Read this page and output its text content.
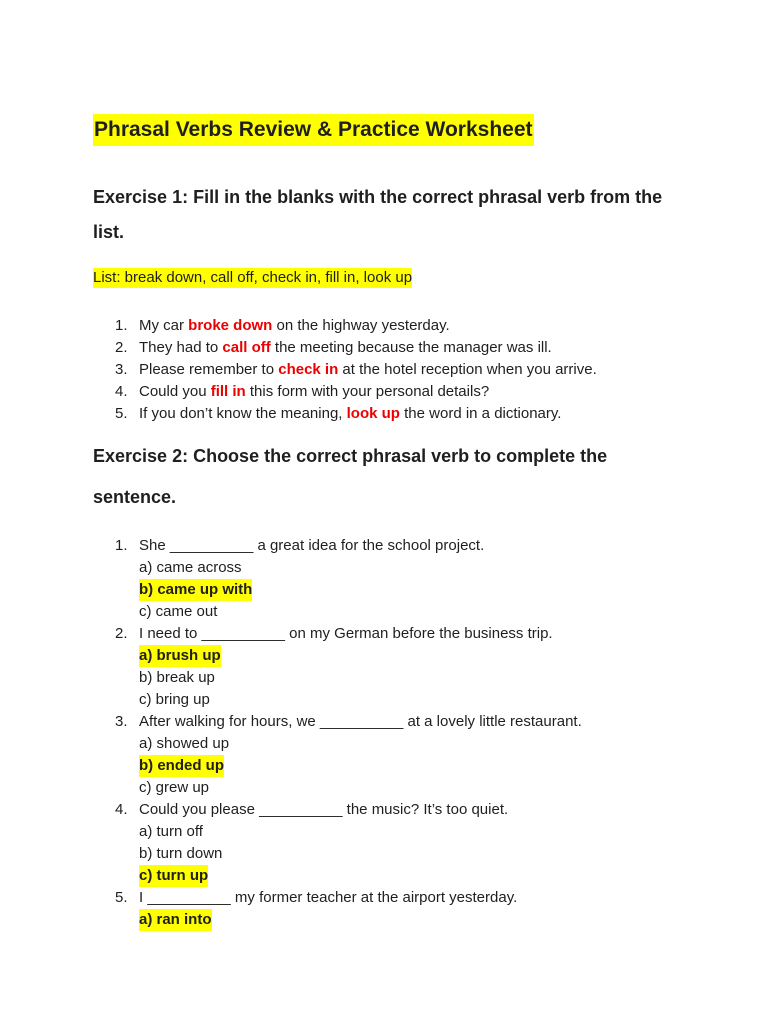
Phrasal Verbs Review & Practice Worksheet
Exercise 1: Fill in the blanks with the correct phrasal verb from the list.
List: break down, call off, check in, fill in, look up
1. My car broke down on the highway yesterday.
2. They had to call off the meeting because the manager was ill.
3. Please remember to check in at the hotel reception when you arrive.
4. Could you fill in this form with your personal details?
5. If you don’t know the meaning, look up the word in a dictionary.
Exercise 2: Choose the correct phrasal verb to complete the sentence.
1. She __________ a great idea for the school project.
a) came across
b) came up with
c) came out
2. I need to __________ on my German before the business trip.
a) brush up
b) break up
c) bring up
3. After walking for hours, we __________ at a lovely little restaurant.
a) showed up
b) ended up
c) grew up
4. Could you please __________ the music? It’s too quiet.
a) turn off
b) turn down
c) turn up
5. I __________ my former teacher at the airport yesterday.
a) ran into
